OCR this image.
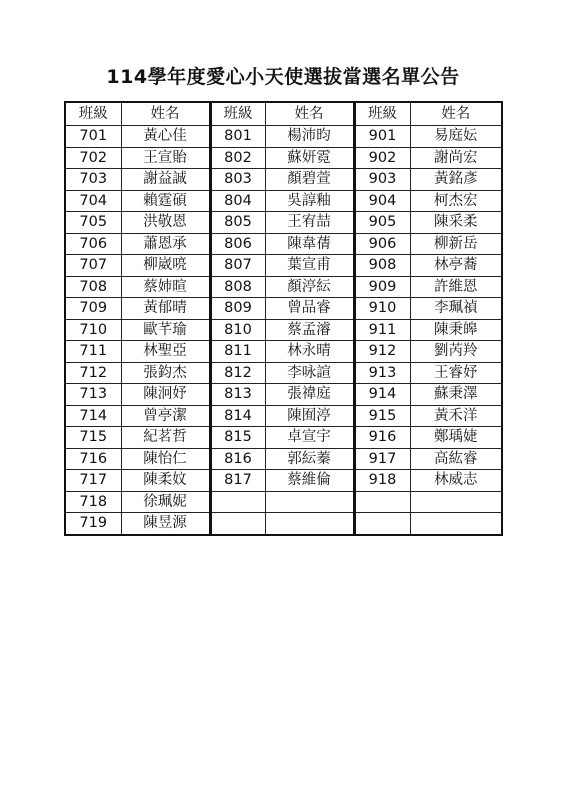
114學年度愛心小天使選拔當選名單公告
班級	姓名	班級	姓名	班級	姓名
701	黃心佳	801	楊沛昀	901	易庭妘
702	王宣貽	802	蘇妍霓	902	謝尚宏
703	謝益誠	803	顏碧萱	903	黃銘彥
704	賴霆碩	804	吳諄釉	904	柯杰宏
705	洪敬恩	805	王宥喆	905	陳采柔
706	蕭恩承	806	陳韋蒨	906	柳新岳
707	柳崴喨	807	葉宣甫	908	林亭蕎
708	蔡姉暄	808	顏渟紜	909	許維恩
709	黃郁晴	809	曾品睿	910	李珮禎
710	歐芊瑜	810	蔡孟濬	911	陳秉皞
711	林聖亞	811	林永晴	912	劉芮羚
712	張鈞杰	812	李咏諠	913	王睿妤
713	陳泂妤	813	張禕庭	914	蘇秉澤
714	曾亭潔	814	陳囿渟	915	黃禾洋
715	紀茗哲	815	卓宣宇	916	鄭瑀婕
716	陳怡仁	816	郭紜蓁	917	高紘睿
717	陳柔妏	817	蔡維倫	918	林威志
718	徐珮妮				
719	陳昱源				
